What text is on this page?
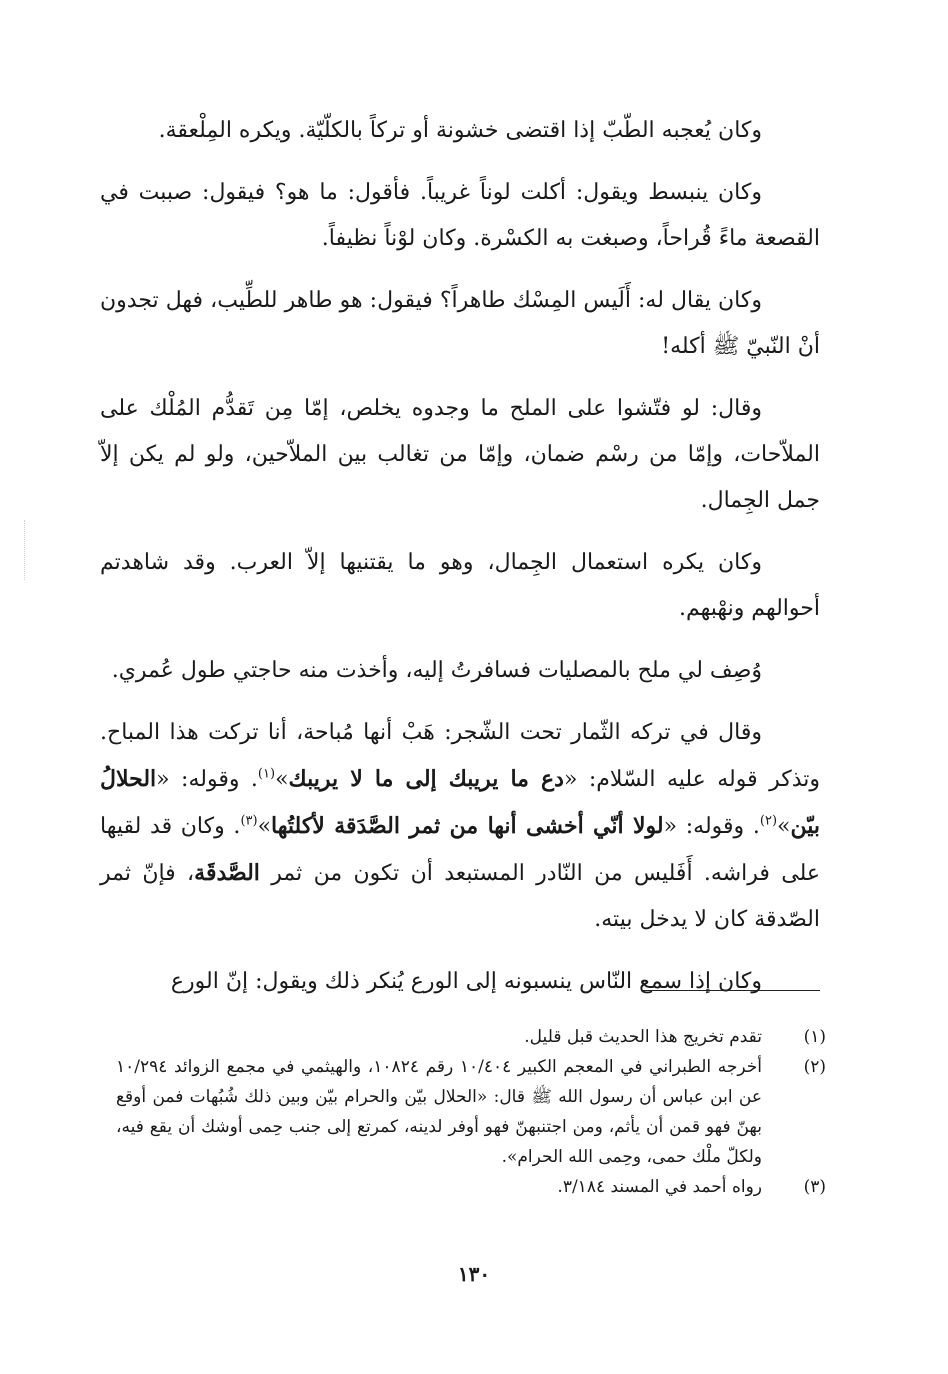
وكان يُعجبه الطّبّ إذا اقتضى خشونة أو تركاً بالكلّيّة. ويكره المِلْعقة.

وكان ينبسط ويقول: أكلت لوناً غريباً. فأقول: ما هو؟ فيقول: صببت في القصعة ماءً قُراحاً، وصبغت به الكسْرة. وكان لوْناً نظيفاً.

وكان يقال له: أَلَيس المِسْك طاهراً؟ فيقول: هو طاهر للطِّيب، فهل تجدون أنْ النّبيّ ﷺ أكله!

وقال: لو فتّشوا على الملح ما وجدوه يخلص، إمّا مِن تَقدُّم المُلْك على الملاّحات، وإمّا من رسْم ضمان، وإمّا من تغالب بين الملاّحين، ولو لم يكن إلاّ جمل الجِمال.

وكان يكره استعمال الجِمال، وهو ما يقتنيها إلاّ العرب. وقد شاهدتم أحوالهم ونهْبهم.

وُصِف لي ملح بالمصليات فسافرتُ إليه، وأخذت منه حاجتي طول عُمري.

وقال في تركه الثّمار تحت الشّجر: هَبْ أنها مُباحة، أنا تركت هذا المباح. وتذكر قوله عليه السّلام: «دع ما يريبك إلى ما لا يريبك»$^{(١)}$. وقوله: «الحلالُ بيّن»$^{(٢)}$. وقوله: «لولا أنّي أخشى أنها من ثمر الصَّدَقة لأكلتُها»$^{(٣)}$. وكان قد لقيها على فراشه. أَفَليس من النّادر المستبعد أن تكون من ثمر الصَّدقَة، فإنّ ثمر الصّدقة كان لا يدخل بيته.

وكان إذا سمع النّاس ينسبونه إلى الورع يُنكر ذلك ويقول: إنّ الورع

(١)
تقدم تخريج هذا الحديث قبل قليل.
(٢)
أخرجه الطبراني في المعجم الكبير ١٠/٤٠٤ رقم ١٠٨٢٤، والهيثمي في مجمع الزوائد ١٠/٢٩٤ عن ابن عباس أن رسول الله ﷺ قال: «الحلال بيّن والحرام بيّن وبين ذلك شُبُهات فمن أوقع بهنّ فهو قمن أن يأثم، ومن اجتنبهنّ فهو أوفر لدينه، كمرتع إلى جنب حِمى أوشك أن يقع فيه، ولكلّ ملْك حمى، وحِمى الله الحرام».
(٣)
رواه أحمد في المسند ٣/١٨٤.
١٣٠
